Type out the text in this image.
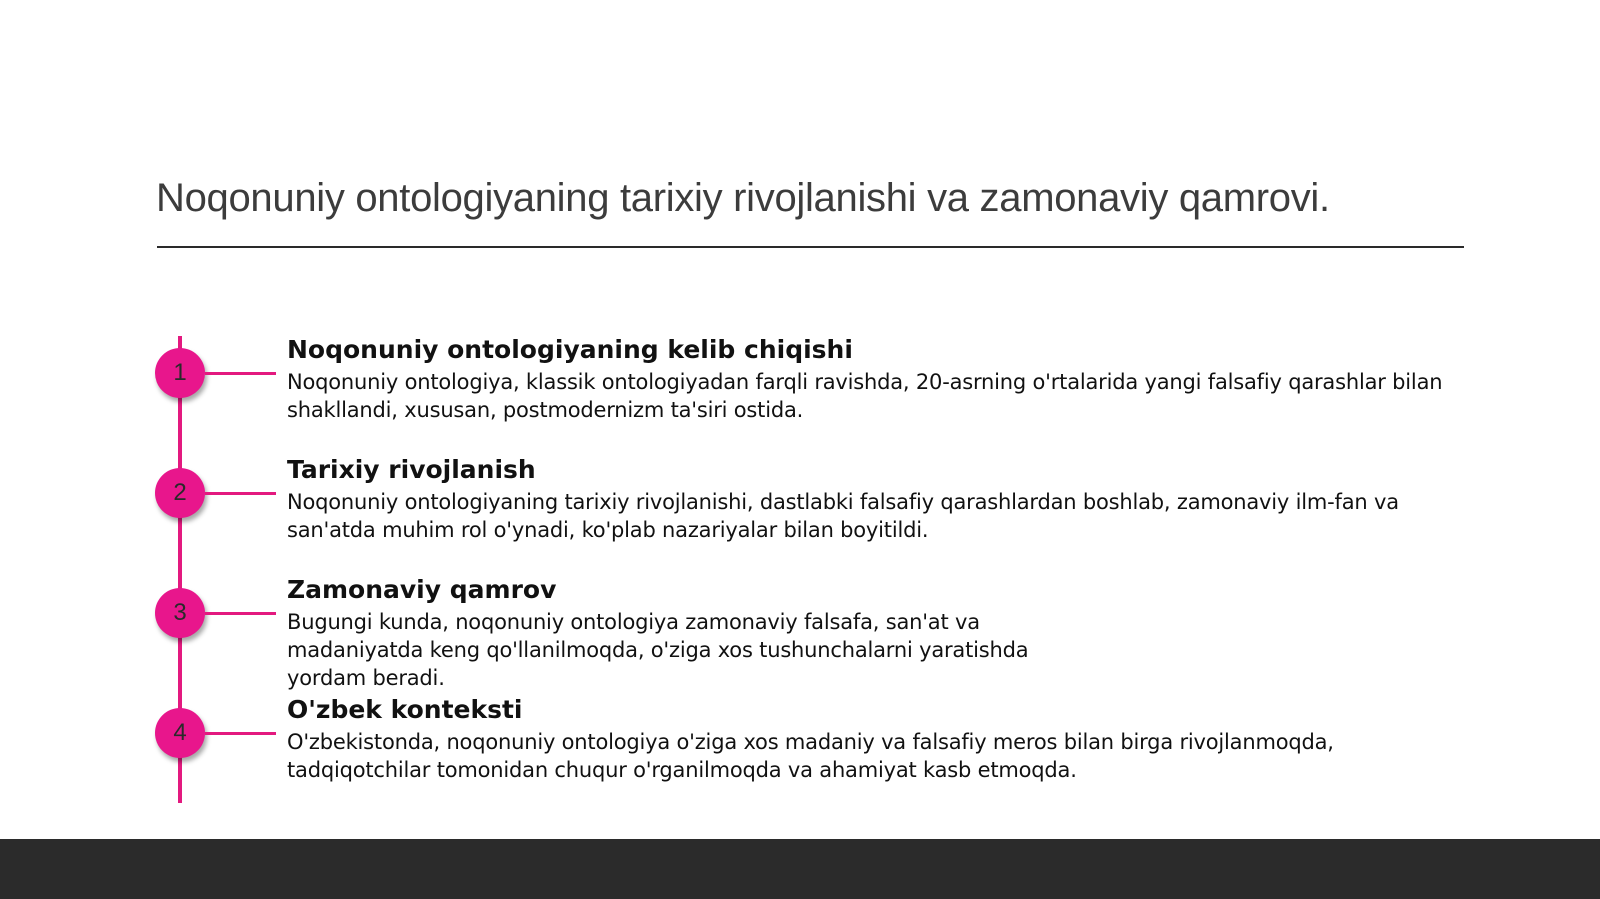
Noqonuniy ontologiyaning tarixiy rivojlanishi va zamonaviy qamrovi.
1
Noqonuniy ontologiyaning kelib chiqishi

Noqonuniy ontologiya, klassik ontologiyadan farqli ravishda, 20-asrning o'rtalarida yangi falsafiy qarashlar bilan shakllandi, xususan, postmodernizm ta'siri ostida.

2
Tarixiy rivojlanish

Noqonuniy ontologiyaning tarixiy rivojlanishi, dastlabki falsafiy qarashlardan boshlab, zamonaviy ilm-fan va san'atda muhim rol o'ynadi, ko'plab nazariyalar bilan boyitildi.

3
Zamonaviy qamrov

Bugungi kunda, noqonuniy ontologiya zamonaviy falsafa, san'at va madaniyatda keng qo'llanilmoqda, o'ziga xos tushunchalarni yaratishda yordam beradi.

4
O'zbek konteksti

O'zbekistonda, noqonuniy ontologiya o'ziga xos madaniy va falsafiy meros bilan birga rivojlanmoqda, tadqiqotchilar tomonidan chuqur o'rganilmoqda va ahamiyat kasb etmoqda.
